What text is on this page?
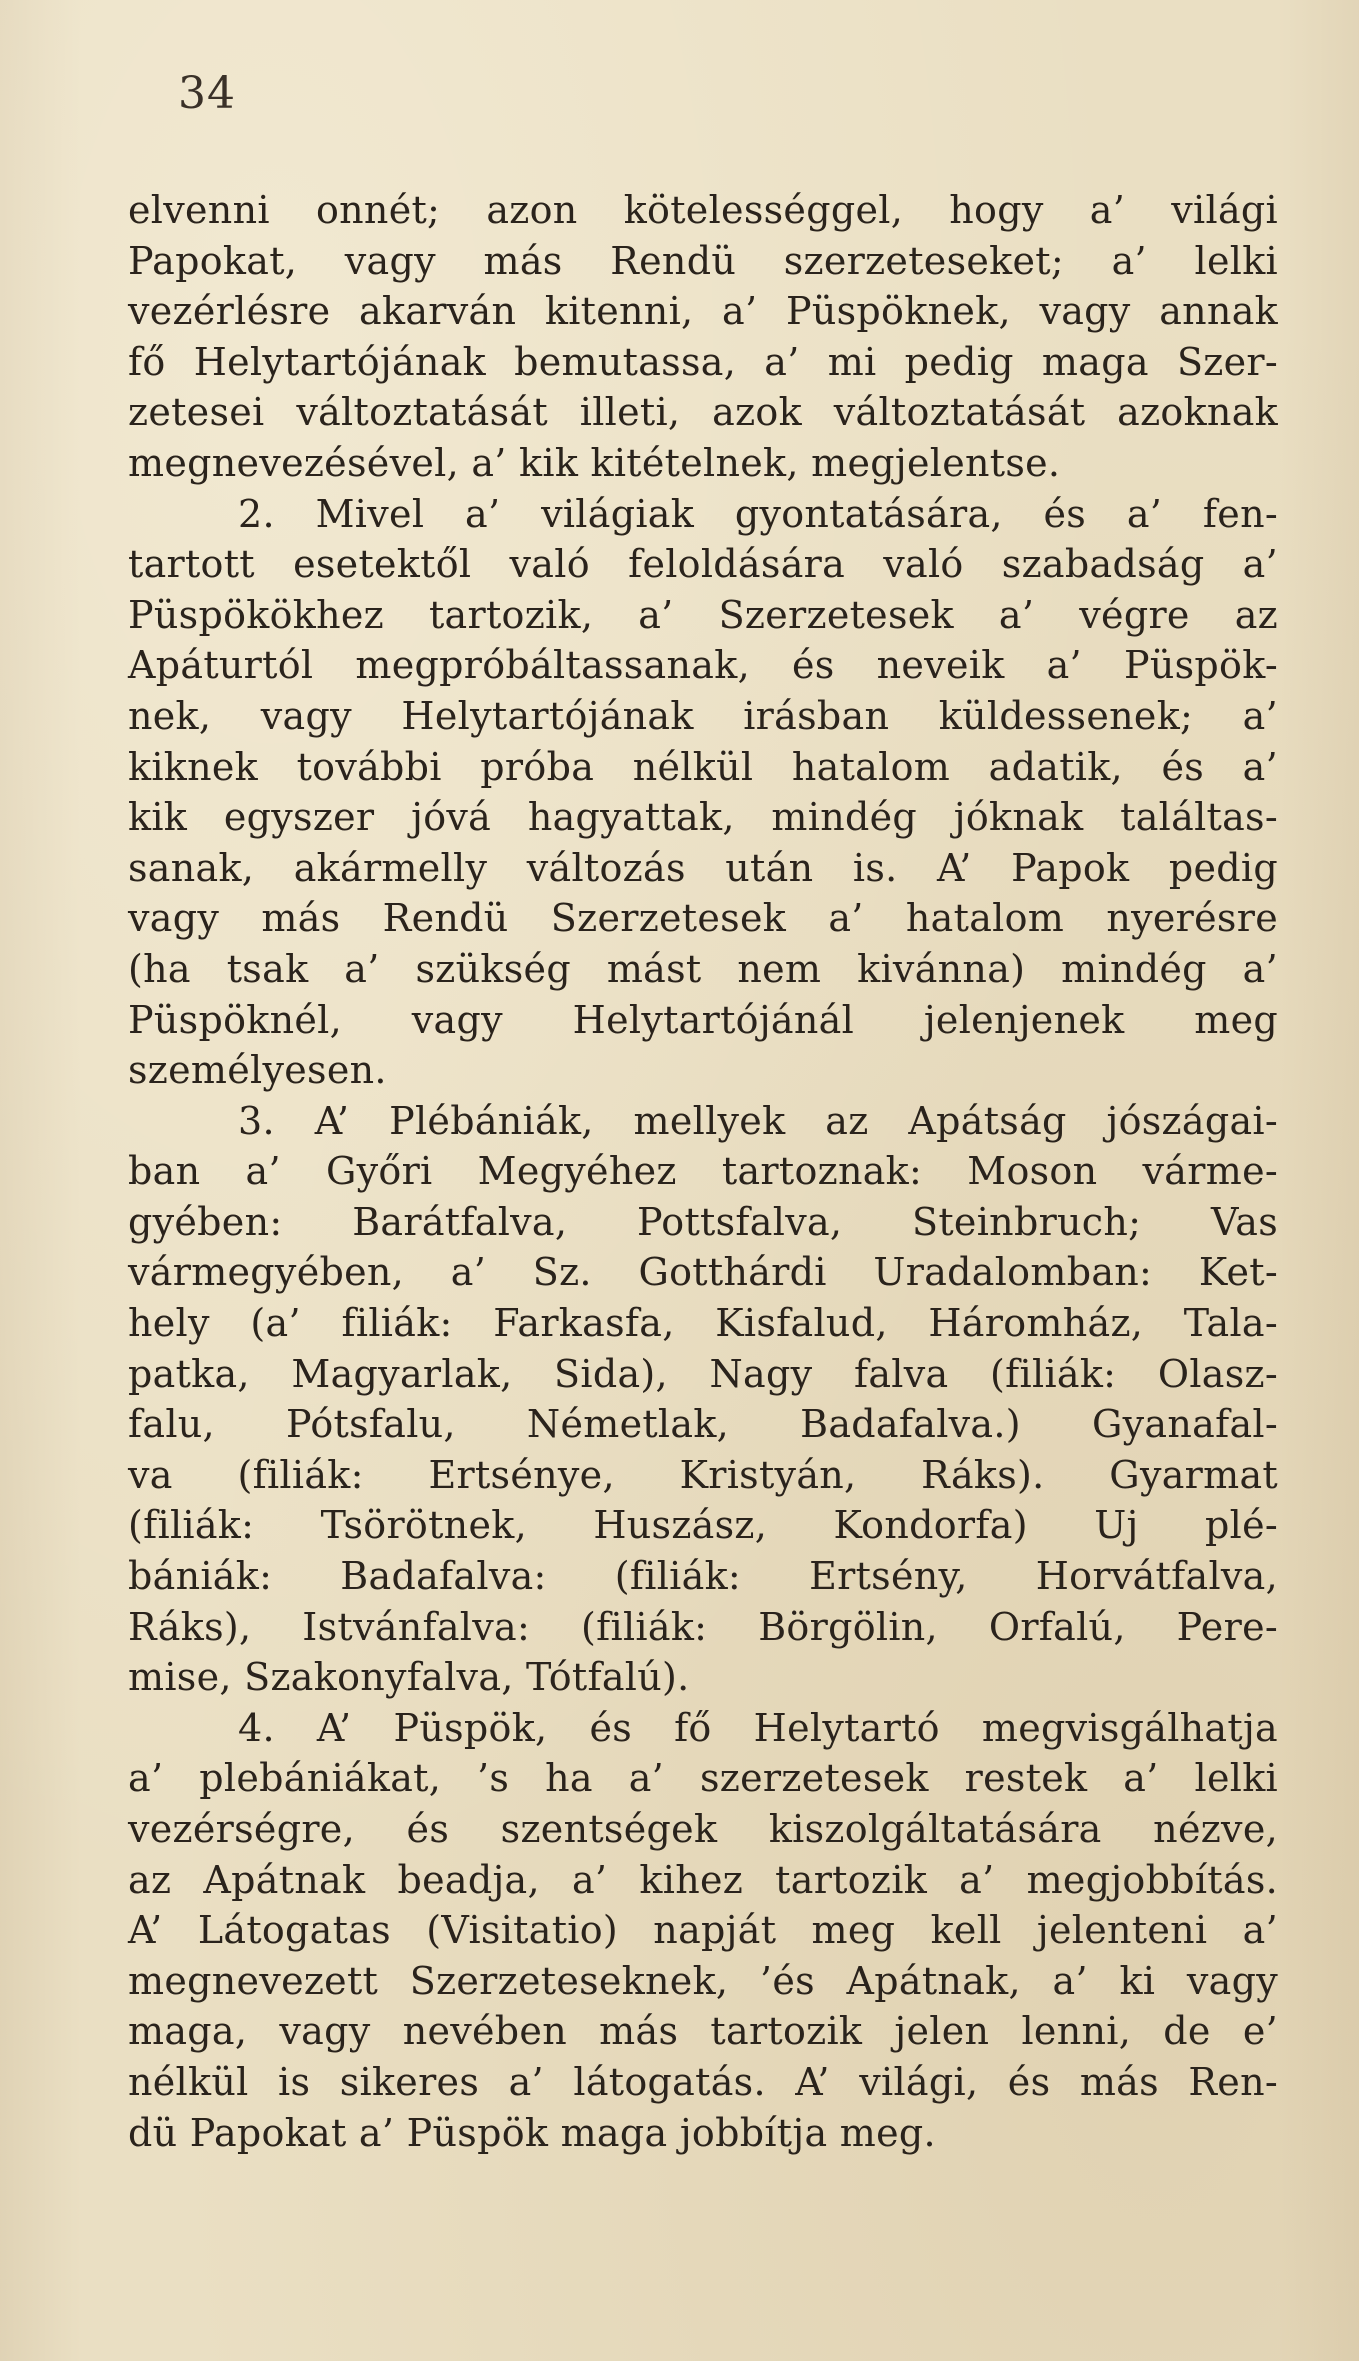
34
elvenni onnét; azon kötelességgel, hogy a’ világi
Papokat, vagy más Rendü szerzeteseket; a’ lelki
vezérlésre akarván kitenni, a’ Püspöknek, vagy annak
fő Helytartójának bemutassa, a’ mi pedig maga Szer-
zetesei változtatását illeti, azok változtatását azoknak
megnevezésével, a’ kik kitételnek, megjelentse.
2. Mivel a’ világiak gyontatására, és a’ fen-
tartott esetektől való feloldására való szabadság a’
Püspökökhez tartozik, a’ Szerzetesek a’ végre az
Apáturtól megpróbáltassanak, és neveik a’ Püspök-
nek, vagy Helytartójának irásban küldessenek; a’
kiknek további próba nélkül hatalom adatik, és a’
kik egyszer jóvá hagyattak, mindég jóknak találtas-
sanak, akármelly változás után is. A’ Papok pedig
vagy más Rendü Szerzetesek a’ hatalom nyerésre
(ha tsak a’ szükség mást nem kivánna) mindég a’
Püspöknél, vagy Helytartójánál jelenjenek meg
személyesen.
3. A’ Plébániák, mellyek az Apátság jószágai-
ban a’ Győri Megyéhez tartoznak: Moson várme-
gyében: Barátfalva, Pottsfalva, Steinbruch; Vas
vármegyében, a’ Sz. Gotthárdi Uradalomban: Ket-
hely (a’ filiák: Farkasfa, Kisfalud, Háromház, Tala-
patka, Magyarlak, Sida), Nagy falva (filiák: Olasz-
falu, Pótsfalu, Németlak, Badafalva.) Gyanafal-
va (filiák: Ertsénye, Kristyán, Ráks). Gyarmat
(filiák: Tsörötnek, Huszász, Kondorfa) Uj plé-
bániák: Badafalva: (filiák: Ertsény, Horvátfalva,
Ráks), Istvánfalva: (filiák: Börgölin, Orfalú, Pere-
mise, Szakonyfalva, Tótfalú).
4. A’ Püspök, és fő Helytartó megvisgálhatja
a’ plebániákat, ’s ha a’ szerzetesek restek a’ lelki
vezérségre, és szentségek kiszolgáltatására nézve,
az Apátnak beadja, a’ kihez tartozik a’ megjobbítás.
A’ Látogatas (Visitatio) napját meg kell jelenteni a’
megnevezett Szerzeteseknek, ’és Apátnak, a’ ki vagy
maga, vagy nevében más tartozik jelen lenni, de e’
nélkül is sikeres a’ látogatás. A’ világi, és más Ren-
dü Papokat a’ Püspök maga jobbítja meg.
